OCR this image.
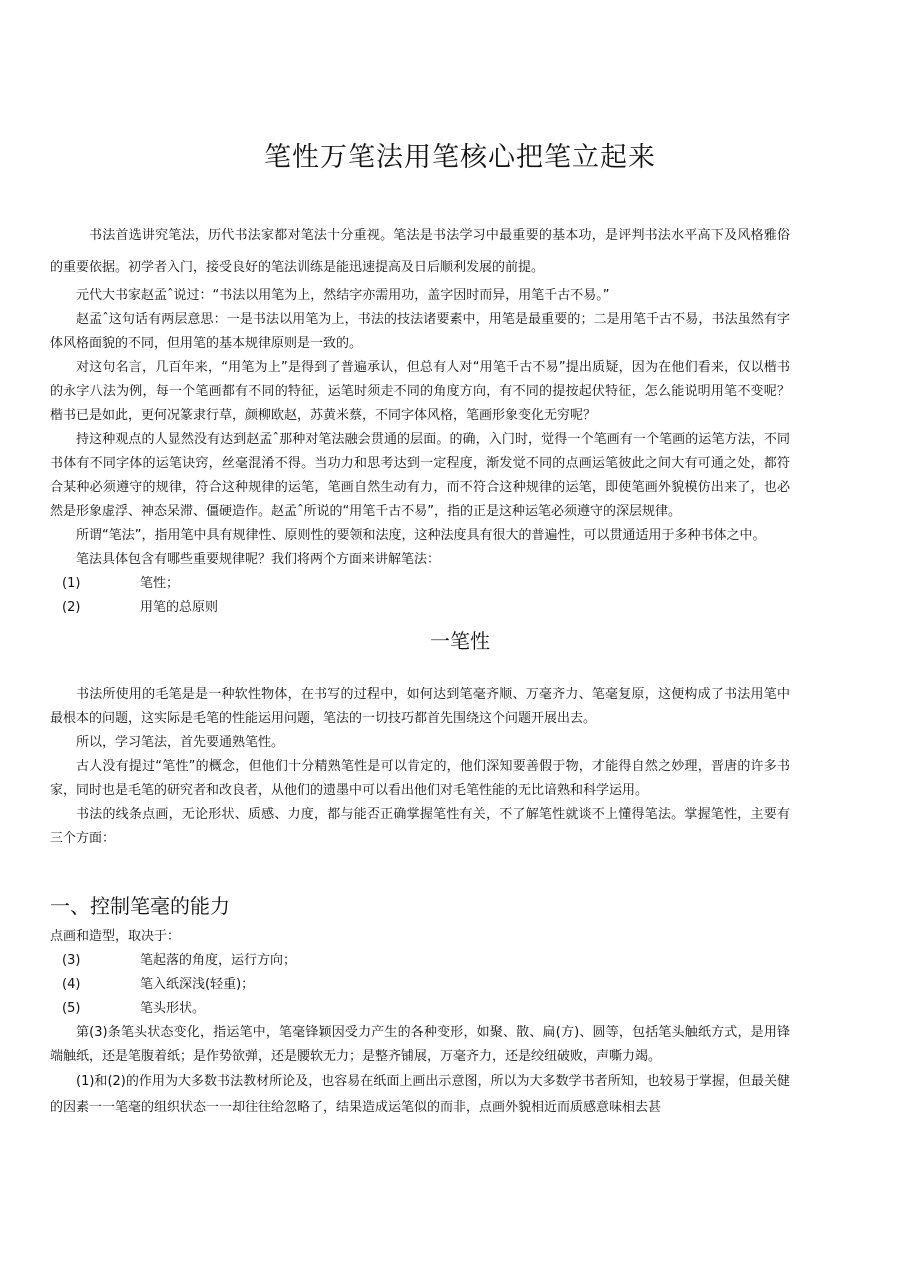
笔性万笔法用笔核心把笔立起来

书法首选讲究笔法，历代书法家都对笔法十分重视。笔法是书法学习中最重要的基本功，是评判书法水平高下及风格雅俗的重要依据。初学者入门，接受良好的笔法训练是能迅速提高及日后顺利发展的前提。

元代大书家赵孟ˆ说过：“书法以用笔为上，然结字亦需用功，盖字因时而异，用笔千古不易。”

赵孟ˆ这句话有两层意思：一是书法以用笔为上，书法的技法诸要素中，用笔是最重要的；二是用笔千古不易，书法虽然有字体风格面貌的不同，但用笔的基本规律原则是一致的。

对这句名言，几百年来，“用笔为上”是得到了普遍承认，但总有人对“用笔千古不易”提出质疑，因为在他们看来，仅以楷书的永字八法为例，每一个笔画都有不同的特征，运笔时须走不同的角度方向，有不同的提按起伏特征，怎么能说明用笔不变呢？楷书已是如此，更何况篆隶行草，颜柳欧赵，苏黄米蔡，不同字体风格，笔画形象变化无穷呢？

持这种观点的人显然没有达到赵孟ˆ那种对笔法融会贯通的层面。的确，入门时，觉得一个笔画有一个笔画的运笔方法，不同书体有不同字体的运笔诀窍，丝毫混淆不得。当功力和思考达到一定程度，渐发觉不同的点画运笔彼此之间大有可通之处，都符合某种必须遵守的规律，符合这种规律的运笔，笔画自然生动有力，而不符合这种规律的运笔，即使笔画外貌模仿出来了，也必然是形象虚浮、神态呆滞、僵硬造作。赵孟ˆ所说的“用笔千古不易”，指的正是这种运笔必须遵守的深层规律。

所谓“笔法”，指用笔中具有规律性、原则性的要领和法度，这种法度具有很大的普遍性，可以贯通适用于多种书体之中。

笔法具体包含有哪些重要规律呢？我们将两个方面来讲解笔法：

(1)	笔性；
(2)	用笔的总原则
一笔性

书法所使用的毛笔是是一种软性物体，在书写的过程中，如何达到笔毫齐顺、万毫齐力、笔毫复原，这便构成了书法用笔中最根本的问题，这实际是毛笔的性能运用问题，笔法的一切技巧都首先围绕这个问题开展出去。

所以，学习笔法，首先要通熟笔性。

古人没有提过“笔性”的概念，但他们十分精熟笔性是可以肯定的，他们深知要善假于物，才能得自然之妙理，晋唐的许多书家，同时也是毛笔的研究者和改良者，从他们的遗墨中可以看出他们对毛笔性能的无比谙熟和科学运用。

书法的线条点画，无论形状、质感、力度，都与能否正确掌握笔性有关，不了解笔性就谈不上懂得笔法。掌握笔性，主要有三个方面：

一、控制笔毫的能力

点画和造型，取决于：

(3)	笔起落的角度，运行方向；
(4)	笔入纸深浅(轻重)；
(5)	笔头形状。

第(3)条笔头状态变化，指运笔中，笔毫锋颖因受力产生的各种变形，如聚、散、扁(方)、圆等，包括笔头触纸方式，是用锋端触纸，还是笔腹着纸；是作势欲弹，还是腰软无力；是整齐铺展，万毫齐力，还是绞纽破败，声嘶力竭。

(1)和(2)的作用为大多数书法教材所论及，也容易在纸面上画出示意图，所以为大多数学书者所知，也较易于掌握，但最关健的因素一一笔毫的组织状态一一却往往给忽略了，结果造成运笔似的而非，点画外貌相近而质感意味相去甚
